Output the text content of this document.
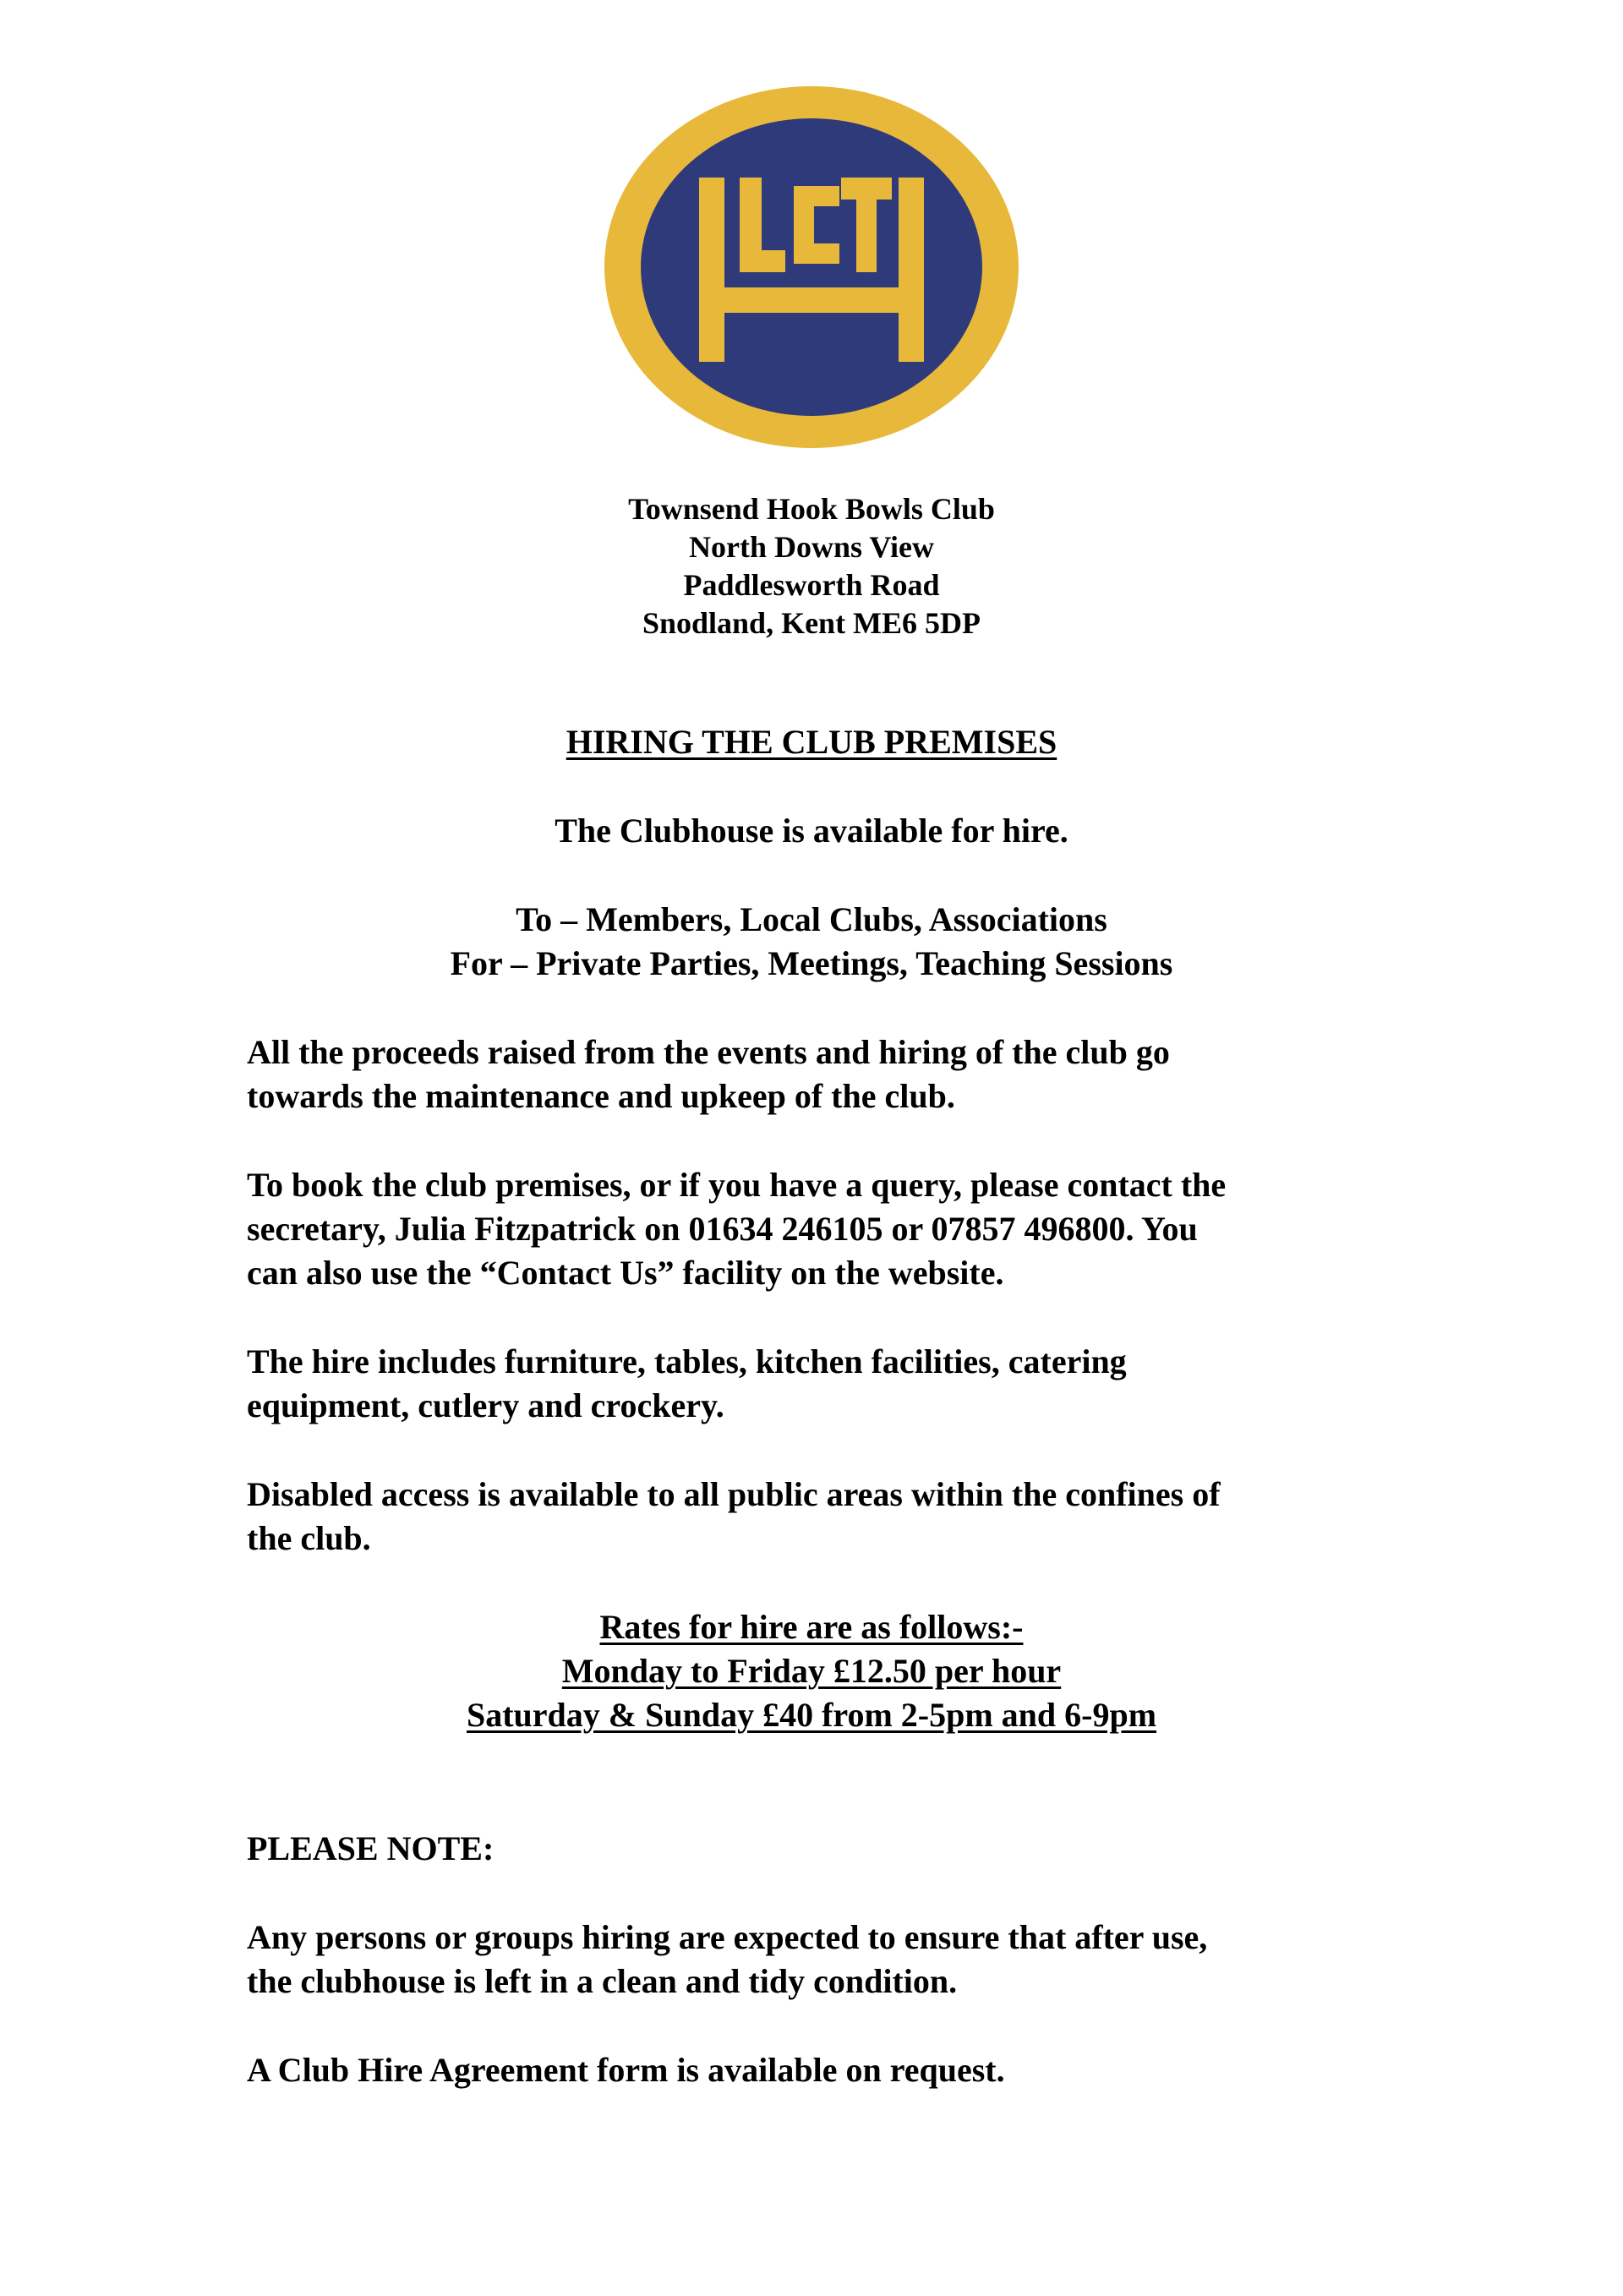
Townsend Hook Bowls Club
North Downs View
Paddlesworth Road
Snodland, Kent ME6 5DP
HIRING THE CLUB PREMISES
The Clubhouse is available for hire.
To – Members, Local Clubs, Associations
For – Private Parties, Meetings, Teaching Sessions
All the proceeds raised from the events and hiring of the club go
towards the maintenance and upkeep of the club.
To book the club premises, or if you have a query, please contact the
secretary, Julia Fitzpatrick on 01634 246105 or 07857 496800. You
can also use the “Contact Us” facility on the website.
The hire includes furniture, tables, kitchen facilities, catering
equipment, cutlery and crockery.
Disabled access is available to all public areas within the confines of
the club.
Rates for hire are as follows:-
Monday to Friday £12.50 per hour
Saturday & Sunday £40 from 2-5pm and 6-9pm
PLEASE NOTE:
Any persons or groups hiring are expected to ensure that after use,
the clubhouse is left in a clean and tidy condition.
A Club Hire Agreement form is available on request.
